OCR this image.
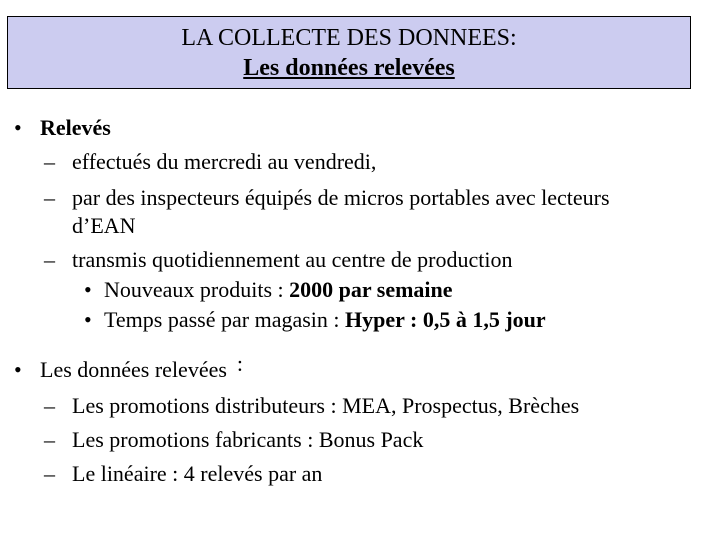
LA COLLECTE DES DONNEES:
Les données relevées
• Relevés
– effectués du mercredi au vendredi,
– par des inspecteurs équipés de micros portables avec lecteurs
d’EAN
– transmis quotidiennement au centre de production
• Nouveaux produits : 2000 par semaine
• Temps passé par magasin : Hyper : 0,5 à 1,5 jour
• Les données relevées :
– Les promotions distributeurs : MEA, Prospectus, Brèches
– Les promotions fabricants : Bonus Pack
– Le linéaire : 4 relevés par an
